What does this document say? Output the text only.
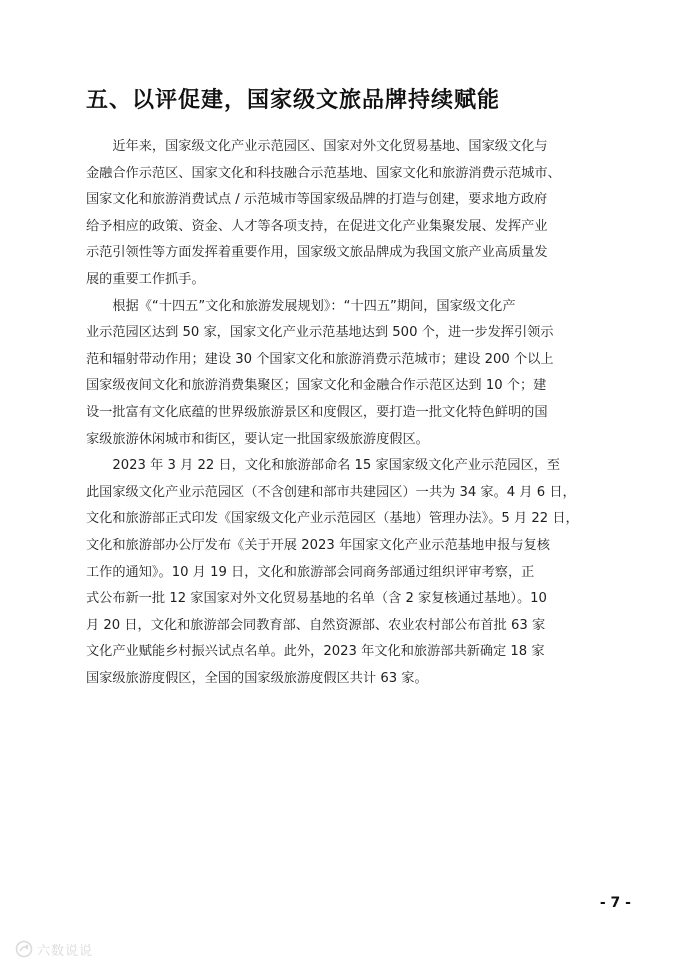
五、以评促建，国家级文旅品牌持续赋能

　　近年来，国家级文化产业示范园区、国家对外文化贸易基地、国家级文化与
金融合作示范区、国家文化和科技融合示范基地、国家文化和旅游消费示范城市、
国家文化和旅游消费试点 / 示范城市等国家级品牌的打造与创建，要求地方政府
给予相应的政策、资金、人才等各项支持，在促进文化产业集聚发展、发挥产业
示范引领性等方面发挥着重要作用，国家级文旅品牌成为我国文旅产业高质量发
展的重要工作抓手。

　　根据《“十四五”文化和旅游发展规划》：“十四五”期间，国家级文化产
业示范园区达到 50 家，国家文化产业示范基地达到 500 个，进一步发挥引领示
范和辐射带动作用；建设 30 个国家文化和旅游消费示范城市；建设 200 个以上
国家级夜间文化和旅游消费集聚区；国家文化和金融合作示范区达到 10 个；建
设一批富有文化底蕴的世界级旅游景区和度假区，要打造一批文化特色鲜明的国
家级旅游休闲城市和街区，要认定一批国家级旅游度假区。

　　2023 年 3 月 22 日，文化和旅游部命名 15 家国家级文化产业示范园区，至
此国家级文化产业示范园区（不含创建和部市共建园区）一共为 34 家。4 月 6 日，
文化和旅游部正式印发《国家级文化产业示范园区（基地）管理办法》。5 月 22 日，
文化和旅游部办公厅发布《关于开展 2023 年国家文化产业示范基地申报与复核
工作的通知》。10 月 19 日，文化和旅游部会同商务部通过组织评审考察，正
式公布新一批 12 家国家对外文化贸易基地的名单（含 2 家复核通过基地）。10
月 20 日，文化和旅游部会同教育部、自然资源部、农业农村部公布首批 63 家
文化产业赋能乡村振兴试点名单。此外，2023 年文化和旅游部共新确定 18 家
国家级旅游度假区，全国的国家级旅游度假区共计 63 家。

- 7 -
六数说说
